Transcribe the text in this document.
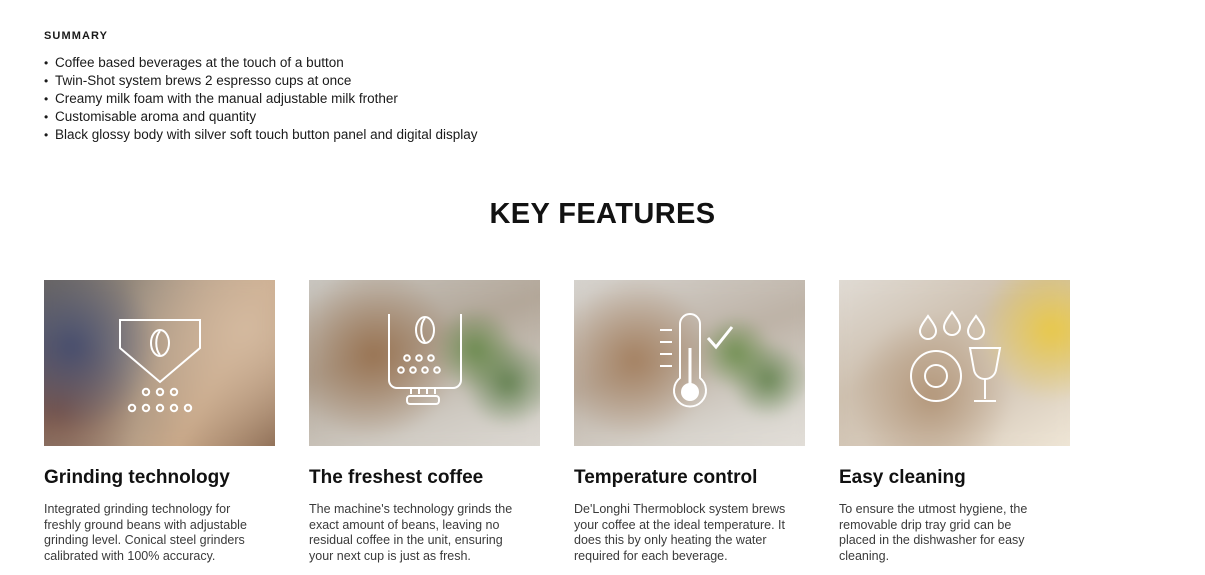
SUMMARY
• Coffee based beverages at the touch of a button
• Twin-Shot system brews 2 espresso cups at once
• Creamy milk foam with the manual adjustable milk frother
• Customisable aroma and quantity
• Black glossy body with silver soft touch button panel and digital display
KEY FEATURES
Grinding technology

Integrated grinding technology for freshly ground beans with adjustable grinding level. Conical steel grinders calibrated with 100% accuracy.

The freshest coffee

The machine's technology grinds the exact amount of beans, leaving no residual coffee in the unit, ensuring your next cup is just as fresh.

Temperature control

De'Longhi Thermoblock system brews your coffee at the ideal temperature. It does this by only heating the water required for each beverage.

Easy cleaning

To ensure the utmost hygiene, the removable drip tray grid can be placed in the dishwasher for easy cleaning.
